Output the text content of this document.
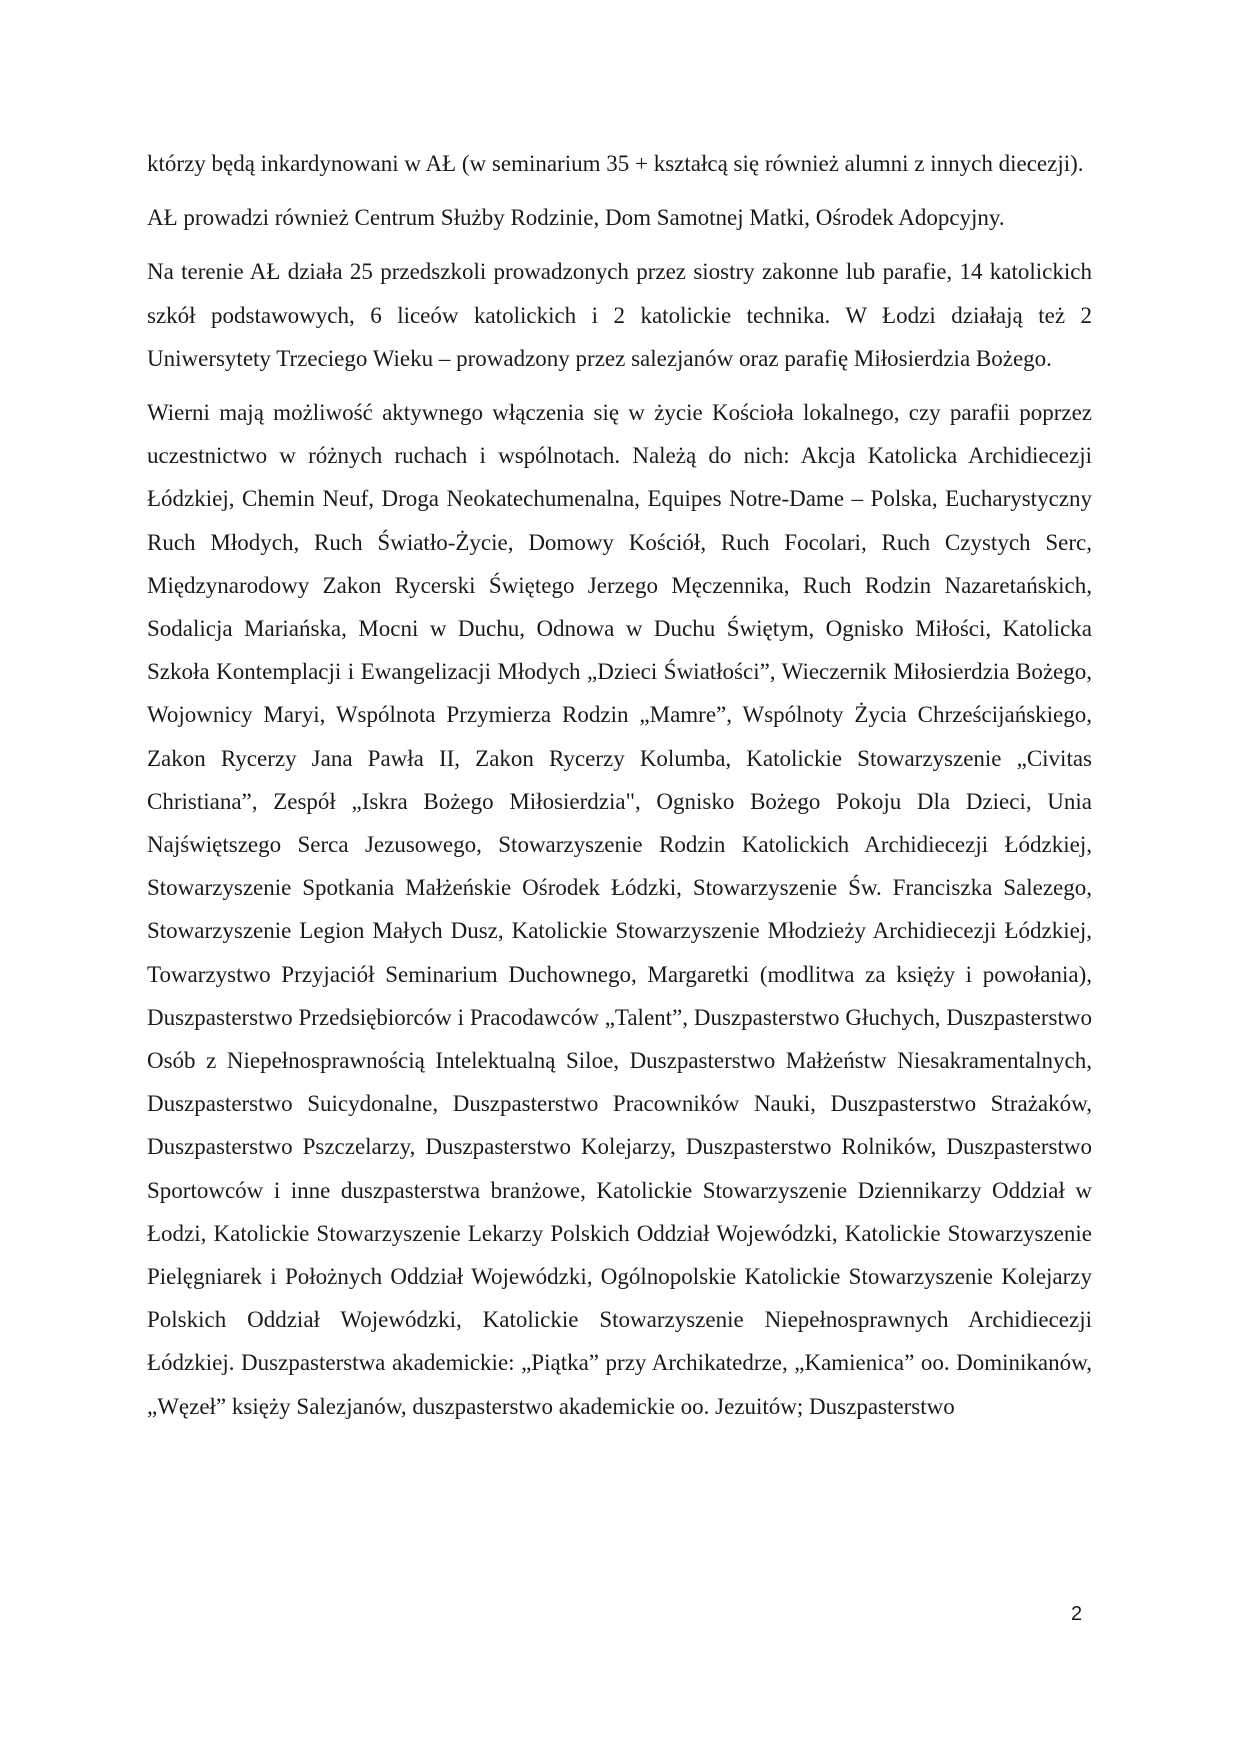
którzy będą inkardynowani w AŁ (w seminarium 35 + kształcą się również alumni z innych diecezji).

AŁ prowadzi również Centrum Służby Rodzinie, Dom Samotnej Matki, Ośrodek Adopcyjny.

Na terenie AŁ działa 25 przedszkoli prowadzonych przez siostry zakonne lub parafie, 14 katolickich szkół podstawowych, 6 liceów katolickich i 2 katolickie technika. W Łodzi działają też 2 Uniwersytety Trzeciego Wieku – prowadzony przez salezjanów oraz parafię Miłosierdzia Bożego.

Wierni mają możliwość aktywnego włączenia się w życie Kościoła lokalnego, czy parafii poprzez uczestnictwo w różnych ruchach i wspólnotach. Należą do nich: Akcja Katolicka Archidiecezji Łódzkiej, Chemin Neuf, Droga Neokatechumenalna, Equipes Notre-Dame – Polska, Eucharystyczny Ruch Młodych, Ruch Światło-Życie, Domowy Kościół, Ruch Focolari, Ruch Czystych Serc, Międzynarodowy Zakon Rycerski Świętego Jerzego Męczennika, Ruch Rodzin Nazaretańskich, Sodalicja Mariańska, Mocni w Duchu, Odnowa w Duchu Świętym, Ognisko Miłości, Katolicka Szkoła Kontemplacji i Ewangelizacji Młodych „Dzieci Światłości”, Wieczernik Miłosierdzia Bożego, Wojownicy Maryi, Wspólnota Przymierza Rodzin „Mamre”, Wspólnoty Życia Chrześcijańskiego, Zakon Rycerzy Jana Pawła II, Zakon Rycerzy Kolumba, Katolickie Stowarzyszenie „Civitas Christiana”, Zespół „Iskra Bożego Miłosierdzia", Ognisko Bożego Pokoju Dla Dzieci, Unia Najświętszego Serca Jezusowego, Stowarzyszenie Rodzin Katolickich Archidiecezji Łódzkiej, Stowarzyszenie Spotkania Małżeńskie Ośrodek Łódzki, Stowarzyszenie Św. Franciszka Salezego, Stowarzyszenie Legion Małych Dusz, Katolickie Stowarzyszenie Młodzieży Archidiecezji Łódzkiej, Towarzystwo Przyjaciół Seminarium Duchownego, Margaretki (modlitwa za księży i powołania), Duszpasterstwo Przedsiębiorców i Pracodawców „Talent”, Duszpasterstwo Głuchych, Duszpasterstwo Osób z Niepełnosprawnością Intelektualną Siloe, Duszpasterstwo Małżeństw Niesakramentalnych, Duszpasterstwo Suicydonalne, Duszpasterstwo Pracowników Nauki, Duszpasterstwo Strażaków, Duszpasterstwo Pszczelarzy, Duszpasterstwo Kolejarzy, Duszpasterstwo Rolników, Duszpasterstwo Sportowców i inne duszpasterstwa branżowe, Katolickie Stowarzyszenie Dziennikarzy Oddział w Łodzi, Katolickie Stowarzyszenie Lekarzy Polskich Oddział Wojewódzki, Katolickie Stowarzyszenie Pielęgniarek i Położnych Oddział Wojewódzki, Ogólnopolskie Katolickie Stowarzyszenie Kolejarzy Polskich Oddział Wojewódzki, Katolickie Stowarzyszenie Niepełnosprawnych Archidiecezji Łódzkiej. Duszpasterstwa akademickie: „Piątka” przy Archikatedrze, „Kamienica” oo. Dominikanów, „Węzeł” księży Salezjanów, duszpasterstwo akademickie oo. Jezuitów; Duszpasterstwo

2
